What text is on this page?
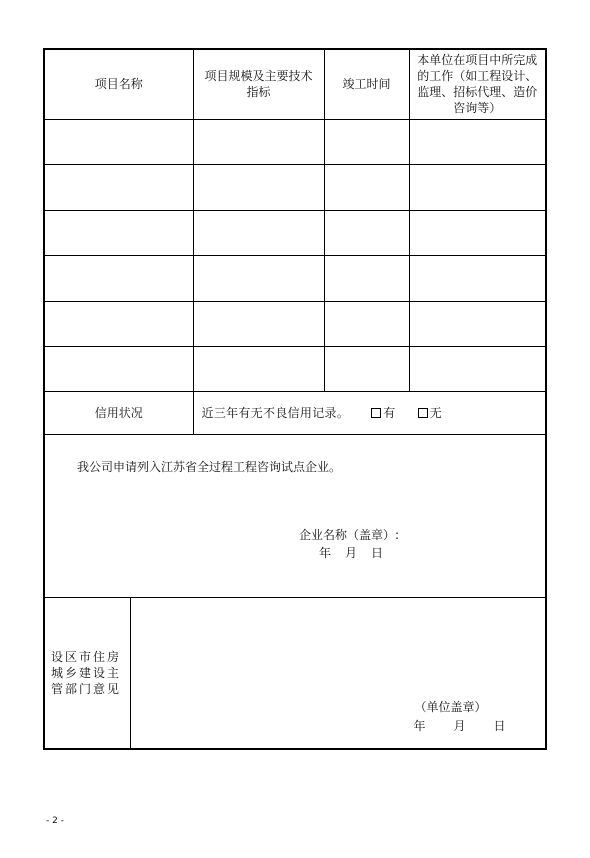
项目名称		项目规模及主要技术指标	竣工时间	本单位在项目中所完成的工作（如工程设计、监理、招标代理、造价咨询等）

信用状况		近三年有无不良信用记录。 有 无		

我公司申请列入江苏省全过程工程咨询试点企业。
企业名称（盖章）:
年 月 日				

设区市住房城乡建设主管部门意见	（单位盖章）
年 月 日			
- 2 -
